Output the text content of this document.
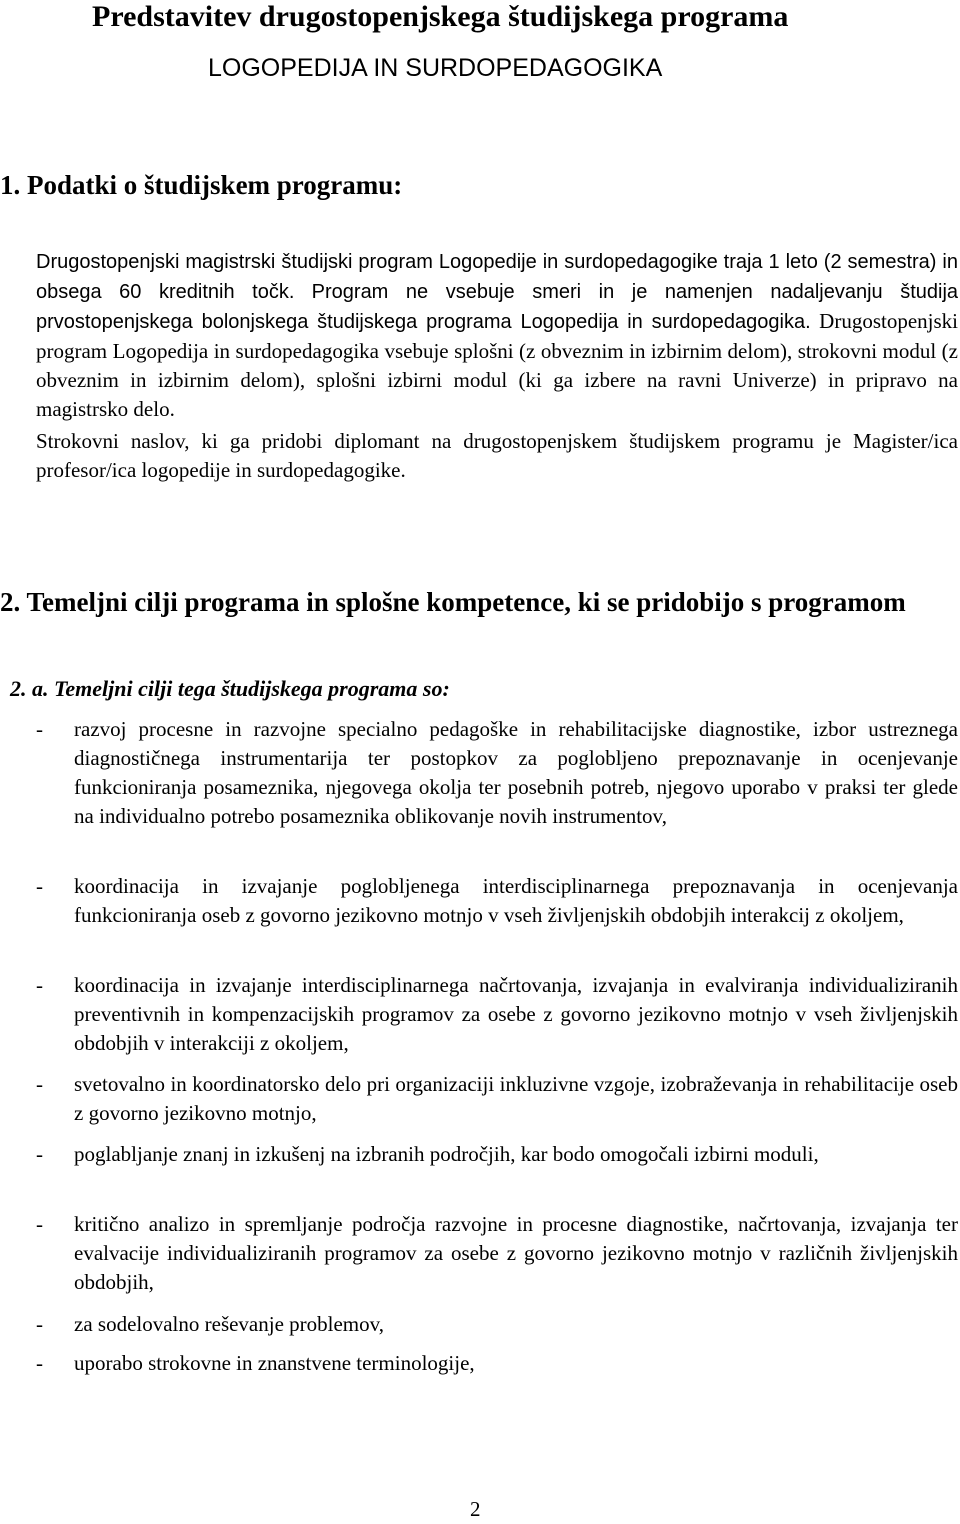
Predstavitev drugostopenjskega študijskega programa
LOGOPEDIJA IN SURDOPEDAGOGIKA
1. Podatki o študijskem programu:
Drugostopenjski magistrski študijski program Logopedije in surdopedagogike traja 1 leto (2 semestra) in obsega 60 kreditnih točk. Program ne vsebuje smeri in je namenjen nadaljevanju študija prvostopenjskega bolonjskega študijskega programa Logopedija in surdopedagogika. Drugostopenjski program Logopedija in surdopedagogika vsebuje splošni (z obveznim in izbirnim delom), strokovni modul (z obveznim in izbirnim delom), splošni izbirni modul (ki ga izbere na ravni Univerze) in pripravo na magistrsko delo.
Strokovni naslov, ki ga pridobi diplomant na drugostopenjskem študijskem programu je Magister/ica profesor/ica logopedije in surdopedagogike.
2. Temeljni cilji programa in splošne kompetence, ki se pridobijo s programom
2. a. Temeljni cilji tega študijskega programa so:
- razvoj procesne in razvojne specialno pedagoške in rehabilitacijske diagnostike, izbor ustreznega diagnostičnega instrumentarija ter postopkov za poglobljeno prepoznavanje in ocenjevanje funkcioniranja posameznika, njegovega okolja ter posebnih potreb, njegovo uporabo v praksi ter glede na individualno potrebo posameznika oblikovanje novih instrumentov,
- koordinacija in izvajanje poglobljenega interdisciplinarnega prepoznavanja in ocenjevanja funkcioniranja oseb z govorno jezikovno motnjo v vseh življenjskih obdobjih interakcij z okoljem,
- koordinacija in izvajanje interdisciplinarnega načrtovanja, izvajanja in evalviranja individualiziranih preventivnih in kompenzacijskih programov za osebe z govorno jezikovno motnjo v vseh življenjskih obdobjih v interakciji z okoljem,
- svetovalno in koordinatorsko delo pri organizaciji inkluzivne vzgoje, izobraževanja in rehabilitacije oseb z govorno jezikovno motnjo,
- poglabljanje znanj in izkušenj na izbranih področjih, kar bodo omogočali izbirni moduli,
- kritično analizo in spremljanje področja razvojne in procesne diagnostike, načrtovanja, izvajanja ter evalvacije individualiziranih programov za osebe z govorno jezikovno motnjo v različnih življenjskih obdobjih,
- za sodelovalno reševanje problemov,
- uporabo strokovne in znanstvene terminologije,
2
